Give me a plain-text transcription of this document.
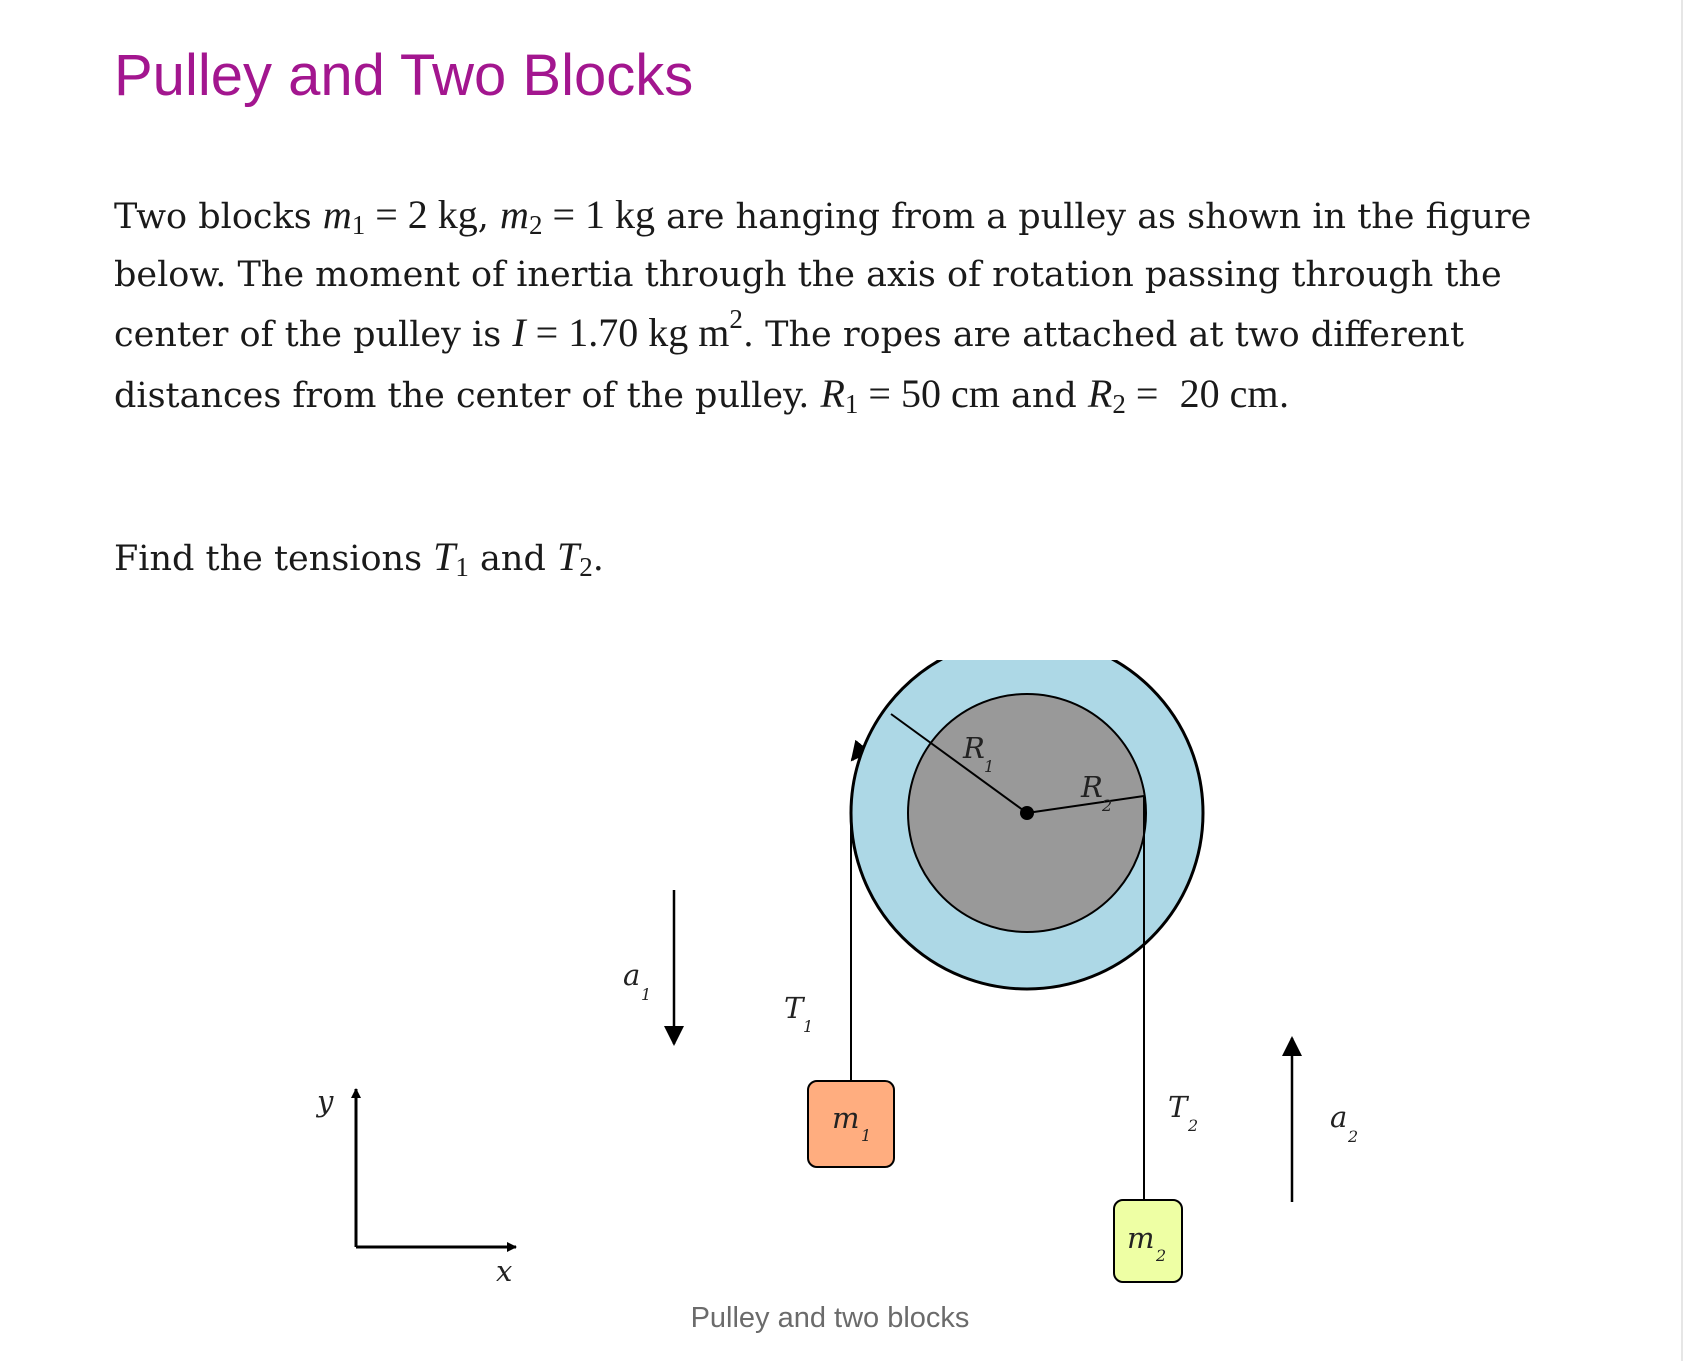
Pulley and Two Blocks

Two blocks $m_1 = 2$ kg, $m_2 = 1$ kg are hanging from a pulley as shown in the figure below. The moment of inertia through the axis of rotation passing through the center of the pulley is I = 1.70 kg $m^2$. The ropes are attached at two different distances from the center of the pulley. $R_1 = 50$ cm and $R_2 = 20$ cm.

Find the tensions $T_1$ and $T_2$.

R
1
R
2
m
1
m
2
T
1
T
2
a
1
a
2
y
x
Pulley and two blocks
